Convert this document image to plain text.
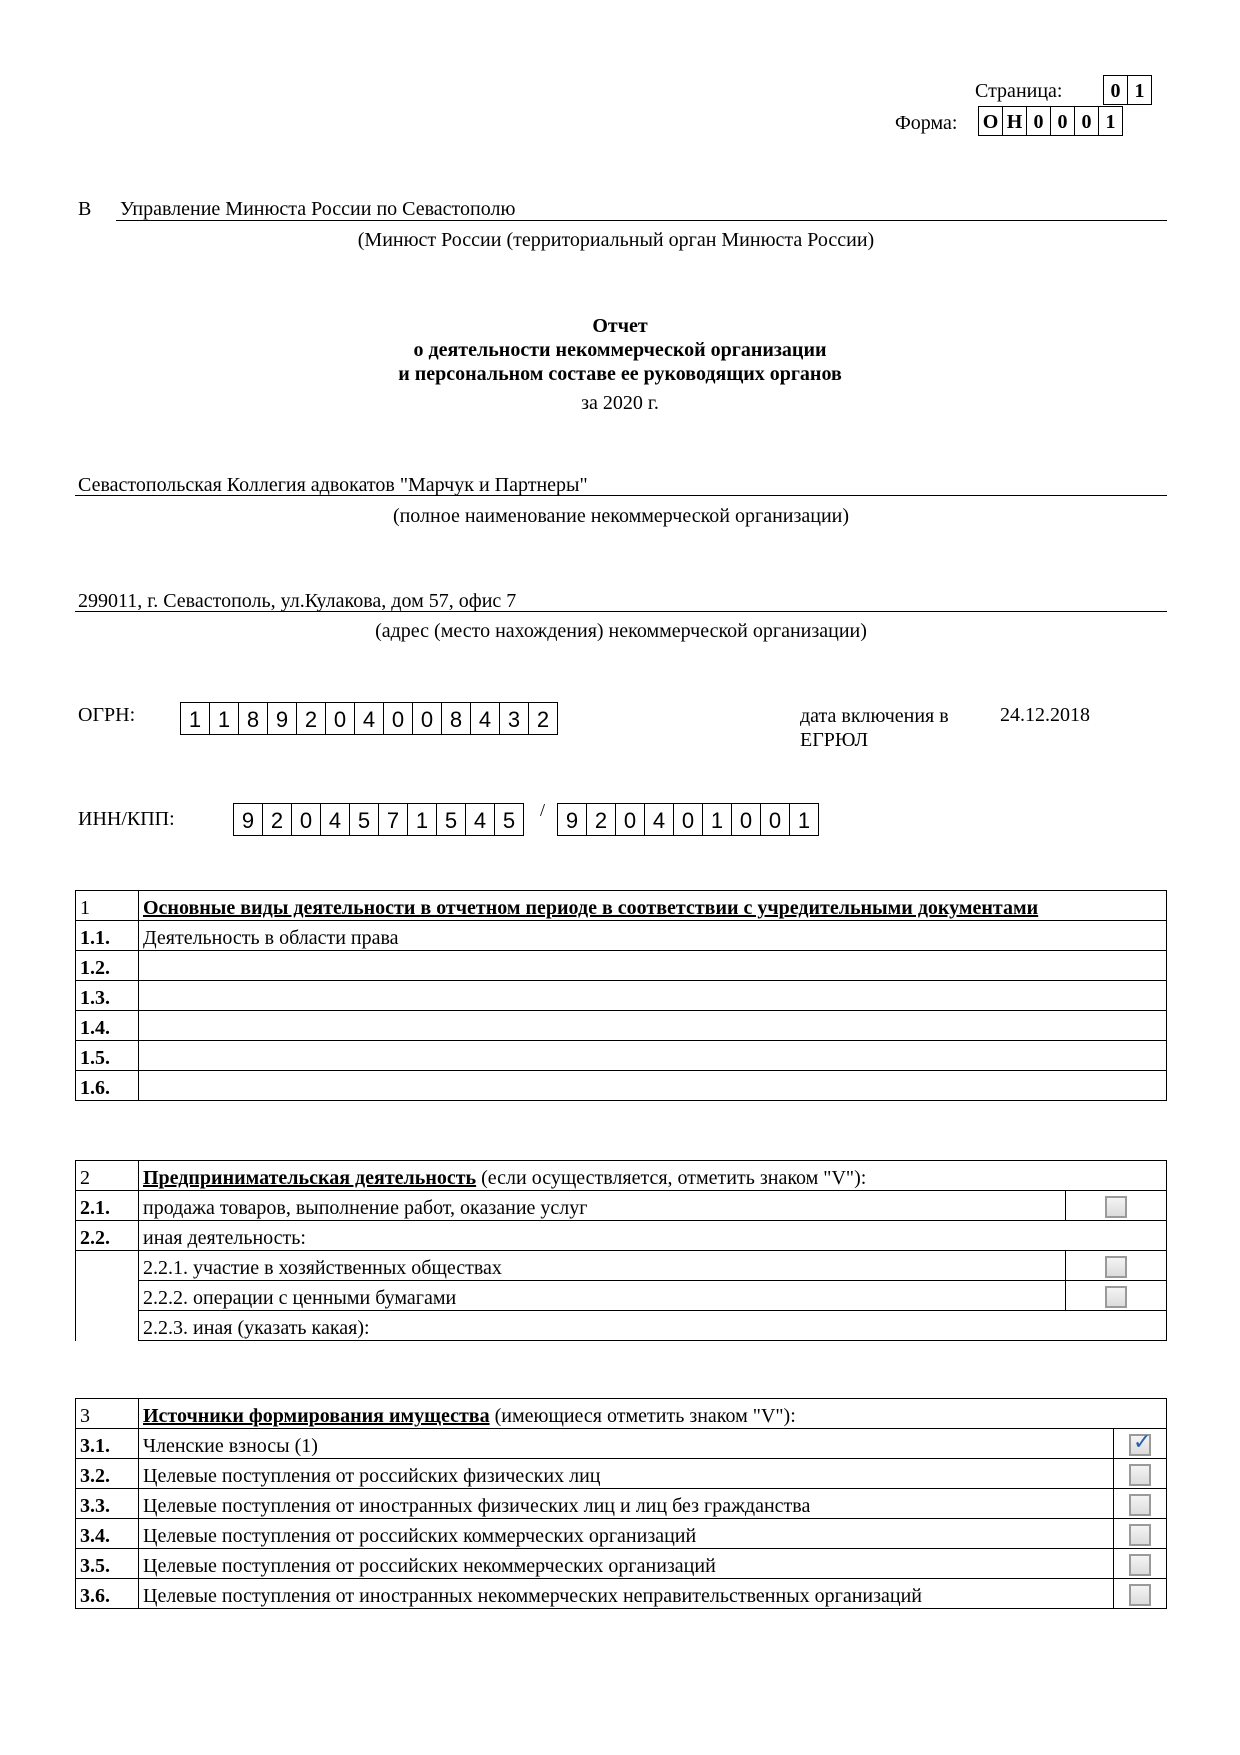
Страница:	0 1
Форма: О Н 0 0 0 1
В Управление Минюста России по Севастополю
(Минюст России (территориальный орган Минюста России)
Отчет
о деятельности некоммерческой организации
и персональном составе ее руководящих органов
за 2020 г.
Севастопольская Коллегия адвокатов "Марчук и Партнеры"
(полное наименование некоммерческой организации)
299011, г. Севастополь, ул.Кулакова, дом 57, офис 7
(адрес (место нахождения) некоммерческой организации)
ОГРН:	1 1 8 9 2 0 4 0 0 8 4 3 2	дата включения в ЕГРЮЛ
24.12.2018
ИНН/КПП:	9 2 0 4 5 7 1 5 4 5	/ 9 2 0 4 0 1 0 0 1
1	Основные виды деятельности в отчетном периоде в соответствии с учредительными документами
1.1.	Деятельность в области права
1.2.	
1.3.	
1.4.	
1.5.	
1.6.	
2	Предпринимательская деятельность (если осуществляется, отметить знаком "V"):	
2.1.	продажа товаров, выполнение работ, оказание услуг	
2.2.	иная деятельность:	
	2.2.1. участие в хозяйственных обществах	
	2.2.2. операции с ценными бумагами	
	2.2.3. иная (указать какая):	
3	Источники формирования имущества (имеющиеся отметить знаком "V"):	
3.1.	Членские взносы (1)	✓
3.2.	Целевые поступления от российских физических лиц	
3.3.	Целевые поступления от иностранных физических лиц и лиц без гражданства	
3.4.	Целевые поступления от российских коммерческих организаций	
3.5.	Целевые поступления от российских некоммерческих организаций	
3.6.	Целевые поступления от иностранных некоммерческих неправительственных организаций	
